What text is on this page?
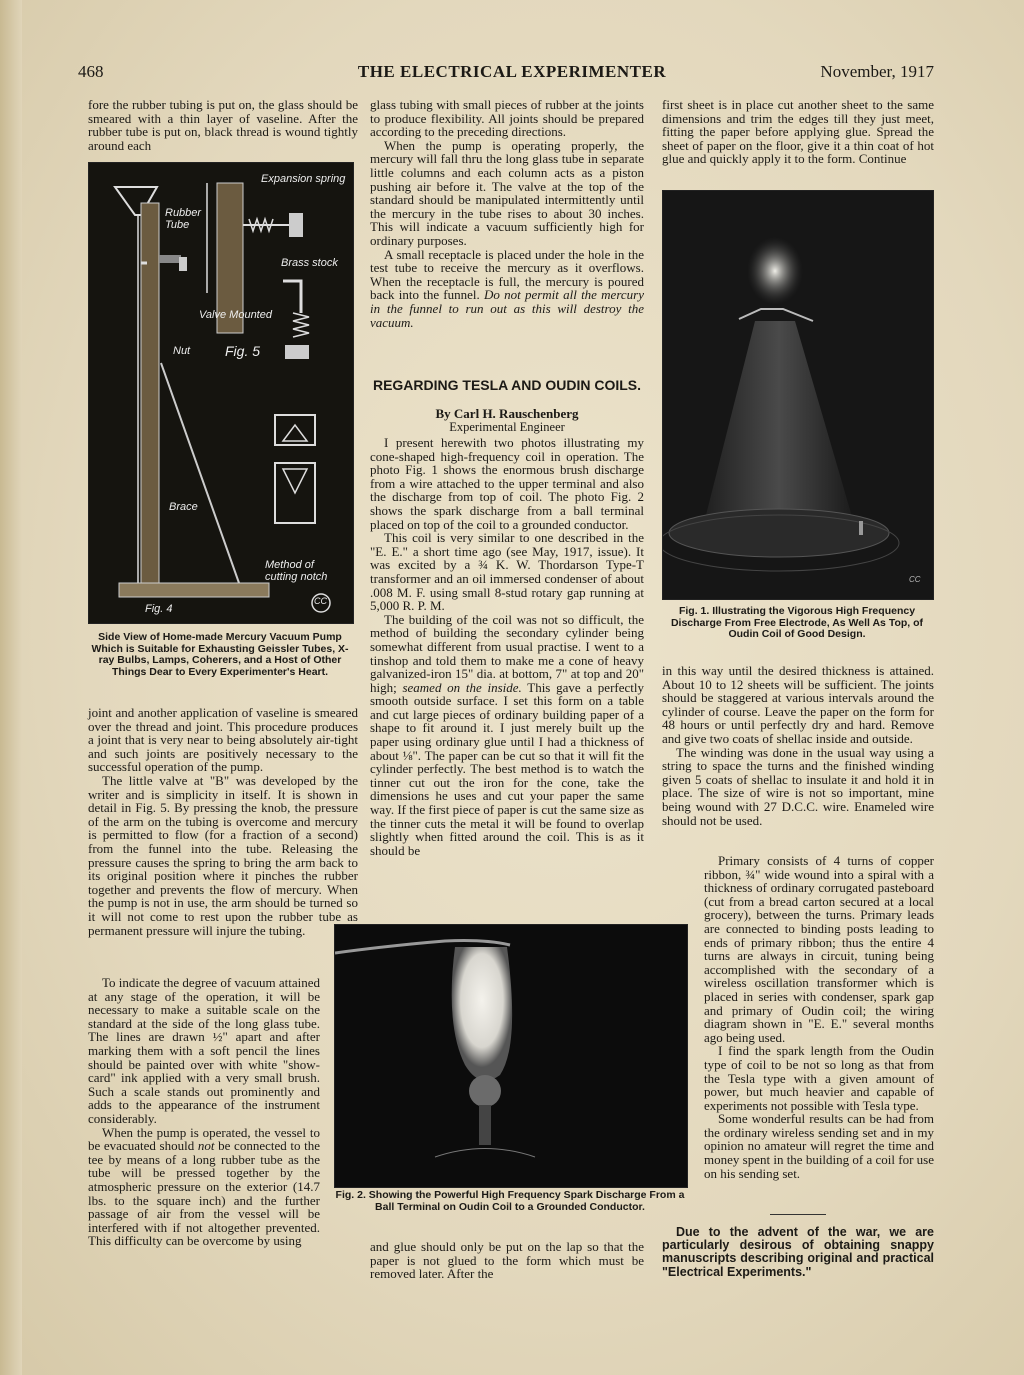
THE ELECTRICAL EXPERIMENTER
468	November, 1917

fore the rubber tubing is put on, the glass should be smeared with a thin layer of vaseline. After the rubber tube is put on, black thread is wound tightly around each

Expansion spring
Rubber Tube
Brass stock
Valve Mounted
Nut Fig. 5
Brace
Method of cutting notch
Fig. 4
CC
Side View of Home-made Mercury Vacuum Pump Which is Suitable for Exhausting Geissler Tubes, X-ray Bulbs, Lamps, Coherers, and a Host of Other Things Dear to Every Experimenter's Heart.

joint and another application of vaseline is smeared over the thread and joint. This procedure produces a joint that is very near to being absolutely air-tight and such joints are positively necessary to the successful operation of the pump.

The little valve at "B" was developed by the writer and is simplicity in itself. It is shown in detail in Fig. 5. By pressing the knob, the pressure of the arm on the tubing is overcome and mercury is permitted to flow (for a fraction of a second) from the funnel into the tube. Releasing the pressure causes the spring to bring the arm back to its original position where it pinches the rubber together and prevents the flow of mercury. When the pump is not in use, the arm should be turned so it will not come to rest upon the rubber tube as permanent pressure will injure the tubing.

To indicate the degree of vacuum attained at any stage of the operation, it will be necessary to make a suitable scale on the standard at the side of the long glass tube. The lines are drawn ½" apart and after marking them with a soft pencil the lines should be painted over with white "show-card" ink applied with a very small brush. Such a scale stands out prominently and adds to the appearance of the instrument considerably.

When the pump is operated, the vessel to be evacuated should not be connected to the tee by means of a long rubber tube as the tube will be pressed together by the atmospheric pressure on the exterior (14.7 lbs. to the square inch) and the further passage of air from the vessel will be interfered with if not altogether prevented. This difficulty can be overcome by using

glass tubing with small pieces of rubber at the joints to produce flexibility. All joints should be prepared according to the preceding directions.

When the pump is operating properly, the mercury will fall thru the long glass tube in separate little columns and each column acts as a piston pushing air before it. The valve at the top of the standard should be manipulated intermittently until the mercury in the tube rises to about 30 inches. This will indicate a vacuum sufficiently high for ordinary purposes.

A small receptacle is placed under the hole in the test tube to receive the mercury as it overflows. When the receptacle is full, the mercury is poured back into the funnel. Do not permit all the mercury in the funnel to run out as this will destroy the vacuum.

REGARDING TESLA AND OUDIN COILS.
By Carl H. Rauschenberg
Experimental Engineer

I present herewith two photos illustrating my cone-shaped high-frequency coil in operation. The photo Fig. 1 shows the enormous brush discharge from a wire attached to the upper terminal and also the discharge from top of coil. The photo Fig. 2 shows the spark discharge from a ball terminal placed on top of the coil to a grounded conductor.

This coil is very similar to one described in the "E. E." a short time ago (see May, 1917, issue). It was excited by a ¾ K. W. Thordarson Type-T transformer and an oil immersed condenser of about .008 M. F. using small 8-stud rotary gap running at 5,000 R. P. M.

The building of the coil was not so difficult, the method of building the secondary cylinder being somewhat different from usual practise. I went to a tinshop and told them to make me a cone of heavy galvanized-iron 15" dia. at bottom, 7" at top and 20" high; seamed on the inside. This gave a perfectly smooth outside surface. I set this form on a table and cut large pieces of ordinary building paper of a shape to fit around it. I just merely built up the paper using ordinary glue until I had a thickness of about ⅛". The paper can be cut so that it will fit the cylinder perfectly. The best method is to watch the tinner cut out the iron for the cone, take the dimensions he uses and cut your paper the same way. If the first piece of paper is cut the same size as the tinner cuts the metal it will be found to overlap slightly when fitted around the coil. This is as it should be

Fig. 2. Showing the Powerful High Frequency Spark Discharge From a Ball Terminal on Oudin Coil to a Grounded Conductor.

and glue should only be put on the lap so that the paper is not glued to the form which must be removed later. After the

first sheet is in place cut another sheet to the same dimensions and trim the edges till they just meet, fitting the paper before applying glue. Spread the sheet of paper on the floor, give it a thin coat of hot glue and quickly apply it to the form. Continue

CC
Fig. 1. Illustrating the Vigorous High Frequency Discharge From Free Electrode, As Well As Top, of Oudin Coil of Good Design.

in this way until the desired thickness is attained. About 10 to 12 sheets will be sufficient. The joints should be staggered at various intervals around the cylinder of course. Leave the paper on the form for 48 hours or until perfectly dry and hard. Remove and give two coats of shellac inside and outside.

The winding was done in the usual way using a string to space the turns and the finished winding given 5 coats of shellac to insulate it and hold it in place. The size of wire is not so important, mine being wound with 27 D.C.C. wire. Enameled wire should not be used.

Primary consists of 4 turns of copper ribbon, ¾" wide wound into a spiral with a thickness of ordinary corrugated pasteboard (cut from a bread carton secured at a local grocery), between the turns. Primary leads are connected to binding posts leading to ends of primary ribbon; thus the entire 4 turns are always in circuit, tuning being accomplished with the secondary of a wireless oscillation transformer which is placed in series with condenser, spark gap and primary of Oudin coil; the wiring diagram shown in "E. E." several months ago being used.

I find the spark length from the Oudin type of coil to be not so long as that from the Tesla type with a given amount of power, but much heavier and capable of experiments not possible with Tesla type.

Some wonderful results can be had from the ordinary wireless sending set and in my opinion no amateur will regret the time and money spent in the building of a coil for use on his sending set.

Due to the advent of the war, we are particularly desirous of obtaining snappy manuscripts describing original and practical "Electrical Experiments."
